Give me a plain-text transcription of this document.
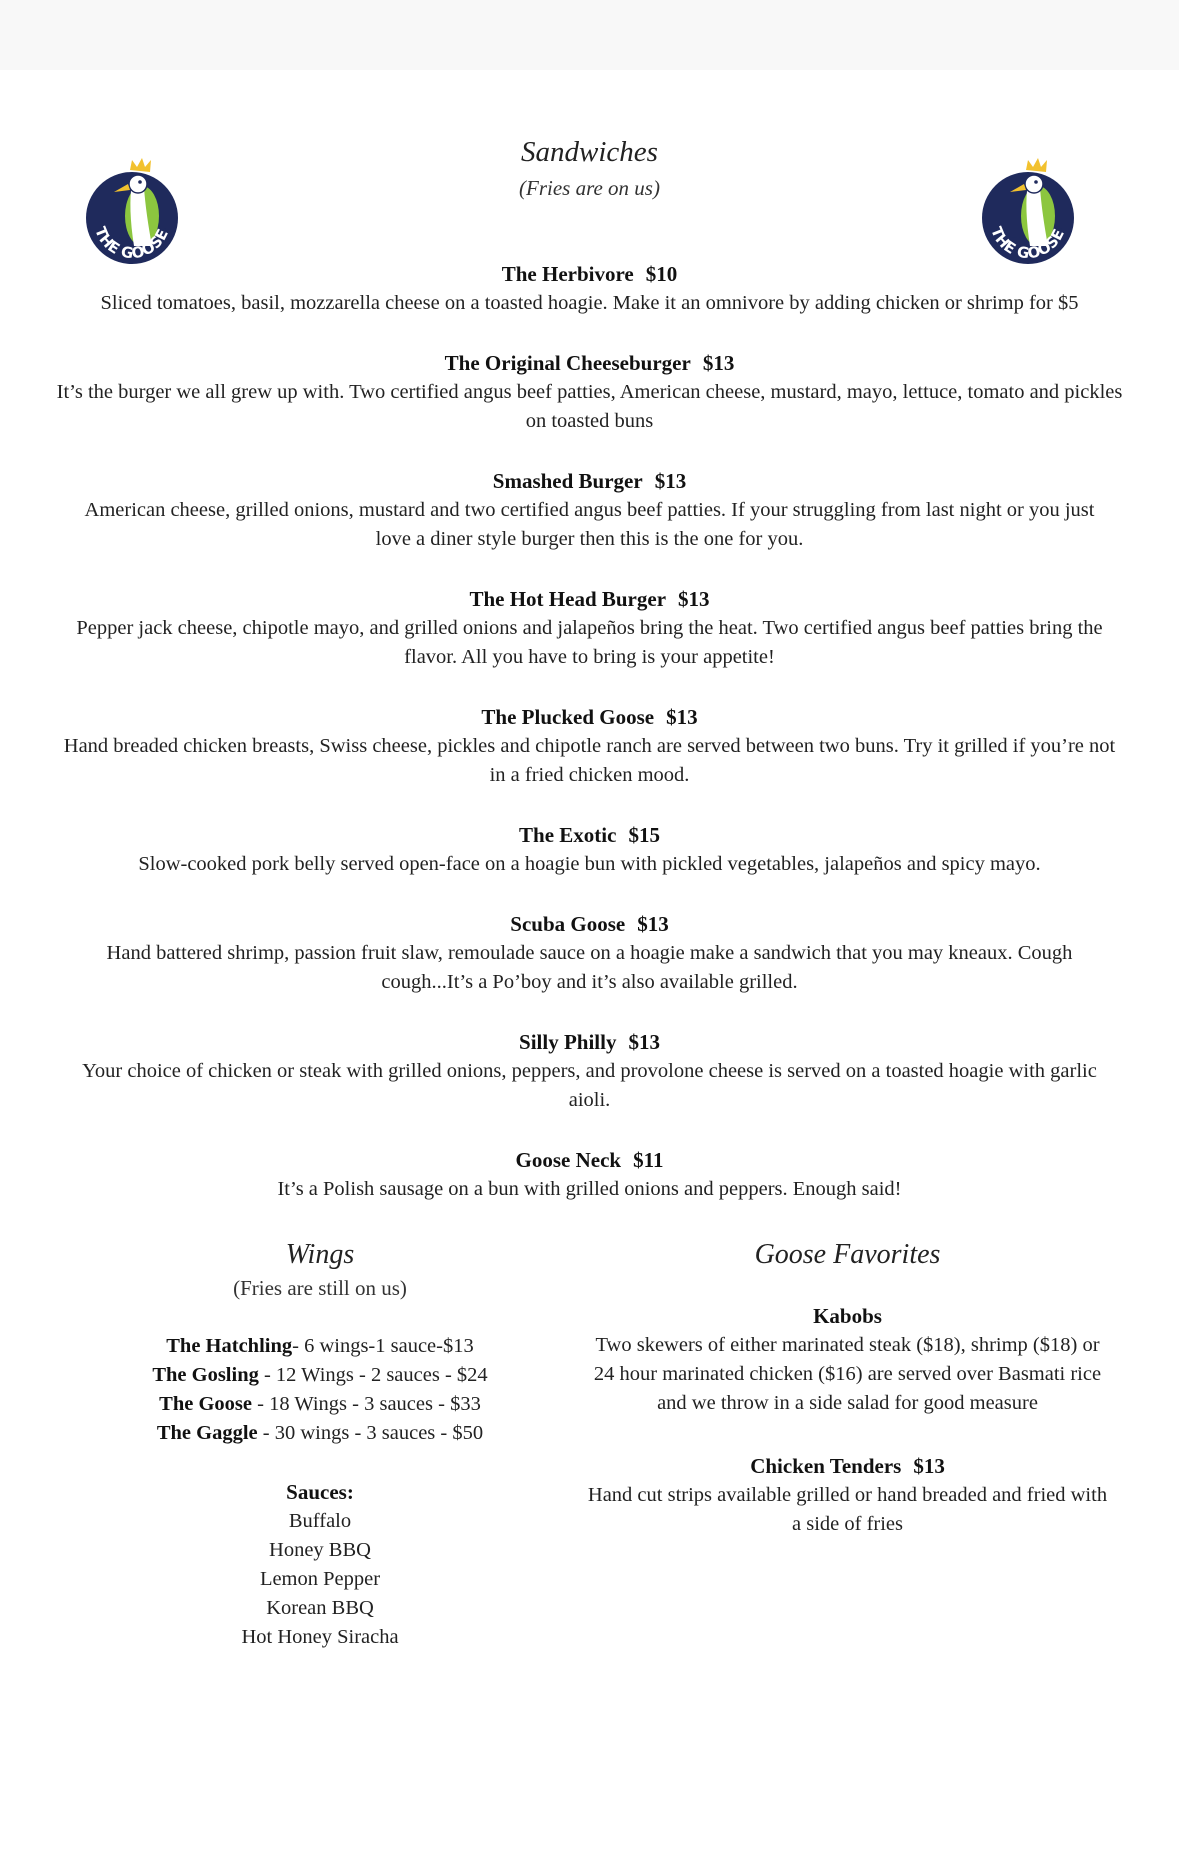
THE GOOSE	THE GOOSE
Sandwiches
(Fries are on us)
The Herbivore $10
Sliced tomatoes, basil, mozzarella cheese on a toasted hoagie. Make it an omnivore by adding chicken or shrimp for $5
The Original Cheeseburger $13
It’s the burger we all grew up with. Two certified angus beef patties, American cheese, mustard, mayo, lettuce, tomato and pickles on toasted buns
Smashed Burger $13
American cheese, grilled onions, mustard and two certified angus beef patties. If your struggling from last night or you just love a diner style burger then this is the one for you.
The Hot Head Burger $13
Pepper jack cheese, chipotle mayo, and grilled onions and jalapeños bring the heat. Two certified angus beef patties bring the flavor. All you have to bring is your appetite!
The Plucked Goose $13
Hand breaded chicken breasts, Swiss cheese, pickles and chipotle ranch are served between two buns. Try it grilled if you’re not in a fried chicken mood.
The Exotic $15
Slow-cooked pork belly served open-face on a hoagie bun with pickled vegetables, jalapeños and spicy mayo.
Scuba Goose $13
Hand battered shrimp, passion fruit slaw, remoulade sauce on a hoagie make a sandwich that you may kneaux. Cough cough...It’s a Po’boy and it’s also available grilled.
Silly Philly $13
Your choice of chicken or steak with grilled onions, peppers, and provolone cheese is served on a toasted hoagie with garlic aioli.
Goose Neck $11
It’s a Polish sausage on a bun with grilled onions and peppers. Enough said!
Wings
(Fries are still on us)
The Hatchling- 6 wings-1 sauce-$13
The Gosling - 12 Wings - 2 sauces - $24
The Goose - 18 Wings - 3 sauces - $33
The Gaggle - 30 wings - 3 sauces - $50
Sauces:
Buffalo
Honey BBQ
Lemon Pepper
Korean BBQ
Hot Honey Siracha
Goose Favorites
Kabobs
Two skewers of either marinated steak ($18), shrimp ($18) or 24 hour marinated chicken ($16) are served over Basmati rice and we throw in a side salad for good measure
Chicken Tenders $13
Hand cut strips available grilled or hand breaded and fried with a side of fries
